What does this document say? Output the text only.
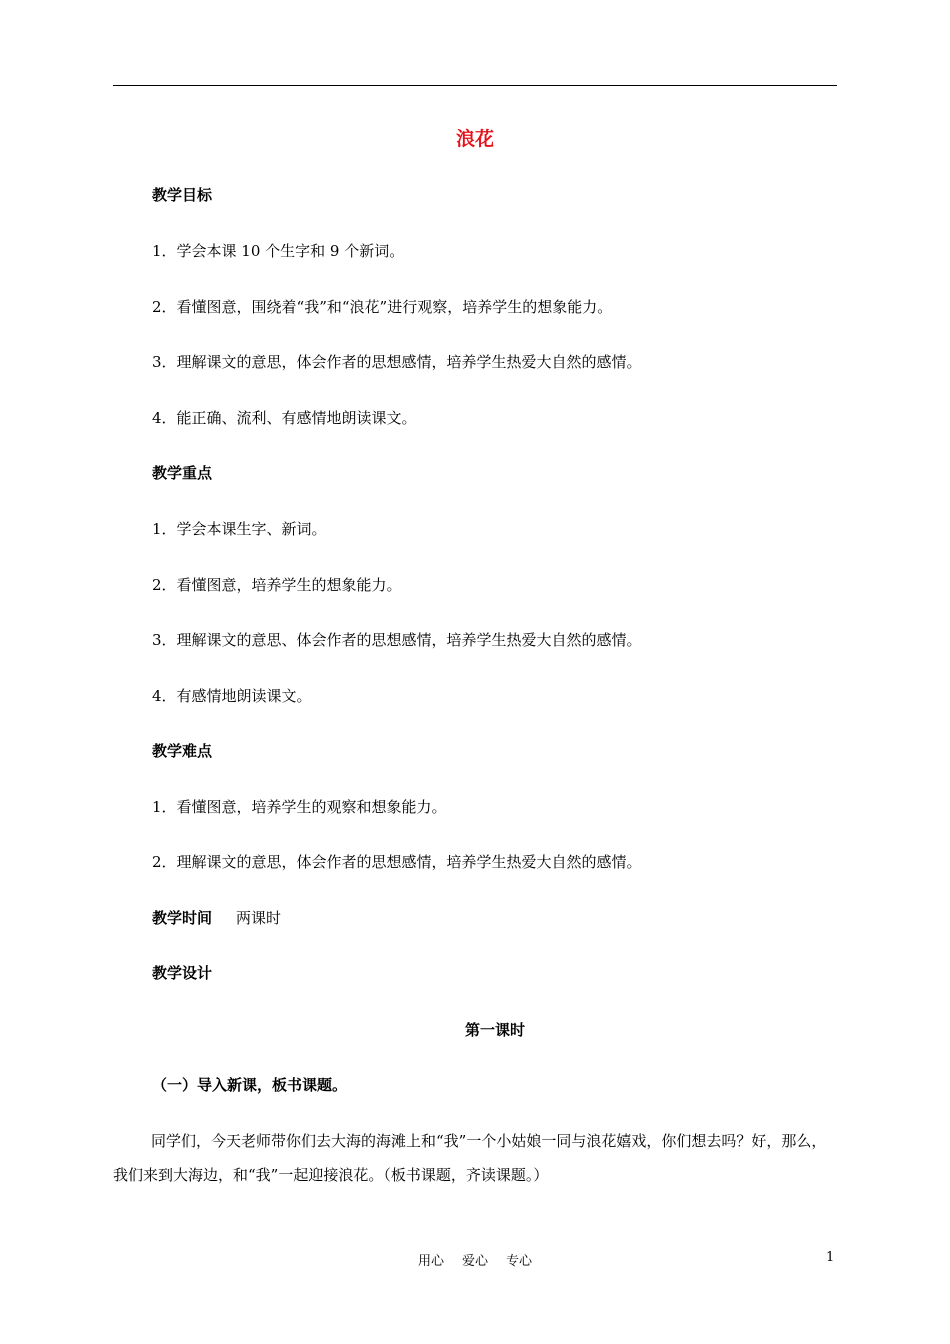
浪花
教学目标
1．学会本课 10 个生字和 9 个新词。
2．看懂图意，围绕着“我”和“浪花”进行观察，培养学生的想象能力。
3．理解课文的意思，体会作者的思想感情，培养学生热爱大自然的感情。
4．能正确、流利、有感情地朗读课文。
教学重点
1．学会本课生字、新词。
2．看懂图意，培养学生的想象能力。
3．理解课文的意思、体会作者的思想感情，培养学生热爱大自然的感情。
4．有感情地朗读课文。
教学难点
1．看懂图意，培养学生的观察和想象能力。
2．理解课文的意思，体会作者的思想感情，培养学生热爱大自然的感情。
教学时间 两课时
教学设计
第一课时
（一）导入新课，板书课题。
同学们，今天老师带你们去大海的海滩上和“我”一个小姑娘一同与浪花嬉戏，你们想去吗？好，那么，我们来到大海边，和“我”一起迎接浪花。（板书课题，齐读课题。）
用心 爱心 专心	1
